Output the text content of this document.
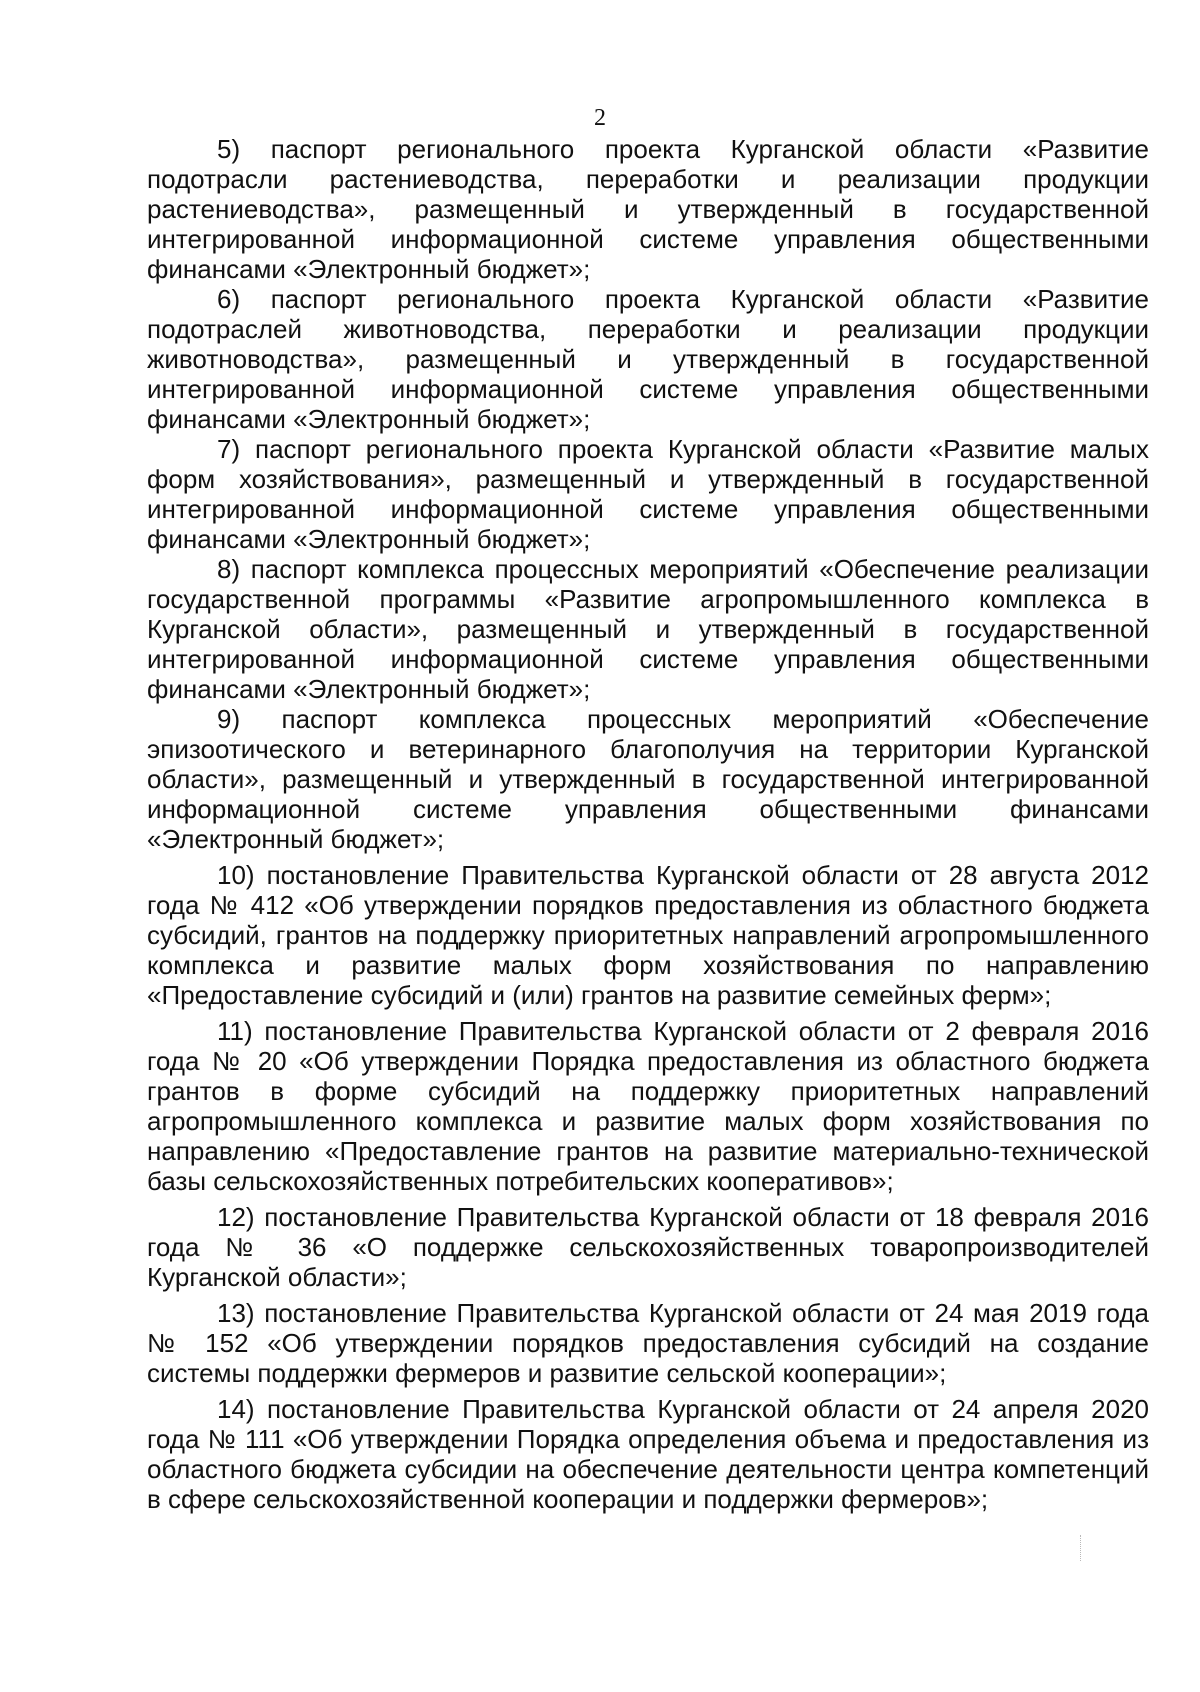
2

5) паспорт регионального проекта Курганской области «Развитие подотрасли растениеводства, переработки и реализации продукции растениеводства», размещенный и утвержденный в государственной интегрированной информационной системе управления общественными финансами «Электронный бюджет»;

6) паспорт регионального проекта Курганской области «Развитие подотраслей животноводства, переработки и реализации продукции животноводства», размещенный и утвержденный в государственной интегрированной информационной системе управления общественными финансами «Электронный бюджет»;

7) паспорт регионального проекта Курганской области «Развитие малых форм хозяйствования», размещенный и утвержденный в государственной интегрированной информационной системе управления общественными финансами «Электронный бюджет»;

8) паспорт комплекса процессных мероприятий «Обеспечение реализации государственной программы «Развитие агропромышленного комплекса в Курганской области», размещенный и утвержденный в государственной интегрированной информационной системе управления общественными финансами «Электронный бюджет»;

9) паспорт комплекса процессных мероприятий «Обеспечение эпизоотического и ветеринарного благополучия на территории Курганской области», размещенный и утвержденный в государственной интегрированной информационной системе управления общественными финансами «Электронный бюджет»;

10) постановление Правительства Курганской области от 28 августа 2012 года № 412 «Об утверждении порядков предоставления из областного бюджета субсидий, грантов на поддержку приоритетных направлений агропромышленного комплекса и развитие малых форм хозяйствования по направлению «Предоставление субсидий и (или) грантов на развитие семейных ферм»;

11) постановление Правительства Курганской области от 2 февраля 2016 года № 20 «Об утверждении Порядка предоставления из областного бюджета грантов в форме субсидий на поддержку приоритетных направлений агропромышленного комплекса и развитие малых форм хозяйствования по направлению «Предоставление грантов на развитие материально-технической базы сельскохозяйственных потребительских кооперативов»;

12) постановление Правительства Курганской области от 18 февраля 2016 года № 36 «О поддержке сельскохозяйственных товаропроизводителей Курганской области»;

13) постановление Правительства Курганской области от 24 мая 2019 года № 152 «Об утверждении порядков предоставления субсидий на создание системы поддержки фермеров и развитие сельской кооперации»;

14) постановление Правительства Курганской области от 24 апреля 2020 года № 111 «Об утверждении Порядка определения объема и предоставления из областного бюджета субсидии на обеспечение деятельности центра компетенций в сфере сельскохозяйственной кооперации и поддержки фермеров»;
